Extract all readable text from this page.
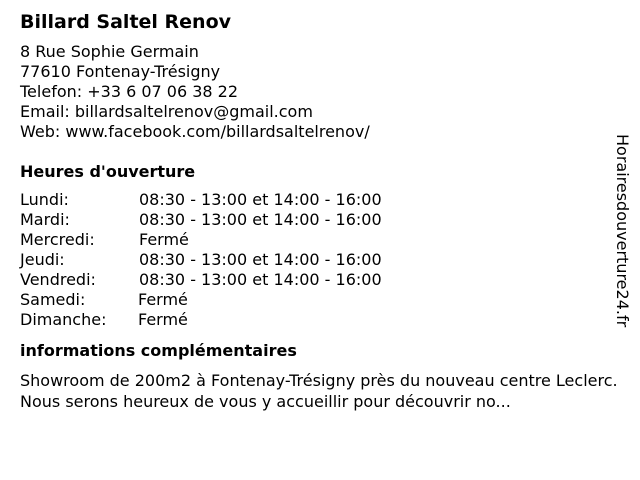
Billard Saltel Renov
8 Rue Sophie Germain
77610 Fontenay-Trésigny
Telefon: +33 6 07 06 38 22
Email: billardsaltelrenov@gmail.com
Web: www.facebook.com/billardsaltelrenov/
Heures d'ouverture
Lundi:	08:30 - 13:00 et 14:00 - 16:00
Mardi:	08:30 - 13:00 et 14:00 - 16:00
Mercredi:	Fermé
Jeudi:	08:30 - 13:00 et 14:00 - 16:00
Vendredi:	08:30 - 13:00 et 14:00 - 16:00
Samedi:	Fermé
Dimanche: Fermé
informations complémentaires
Showroom de 200m2 à Fontenay-Trésigny près du nouveau centre Leclerc. Nous serons heureux de vous y accueillir pour découvrir no...
Horairesdouverture24.fr
